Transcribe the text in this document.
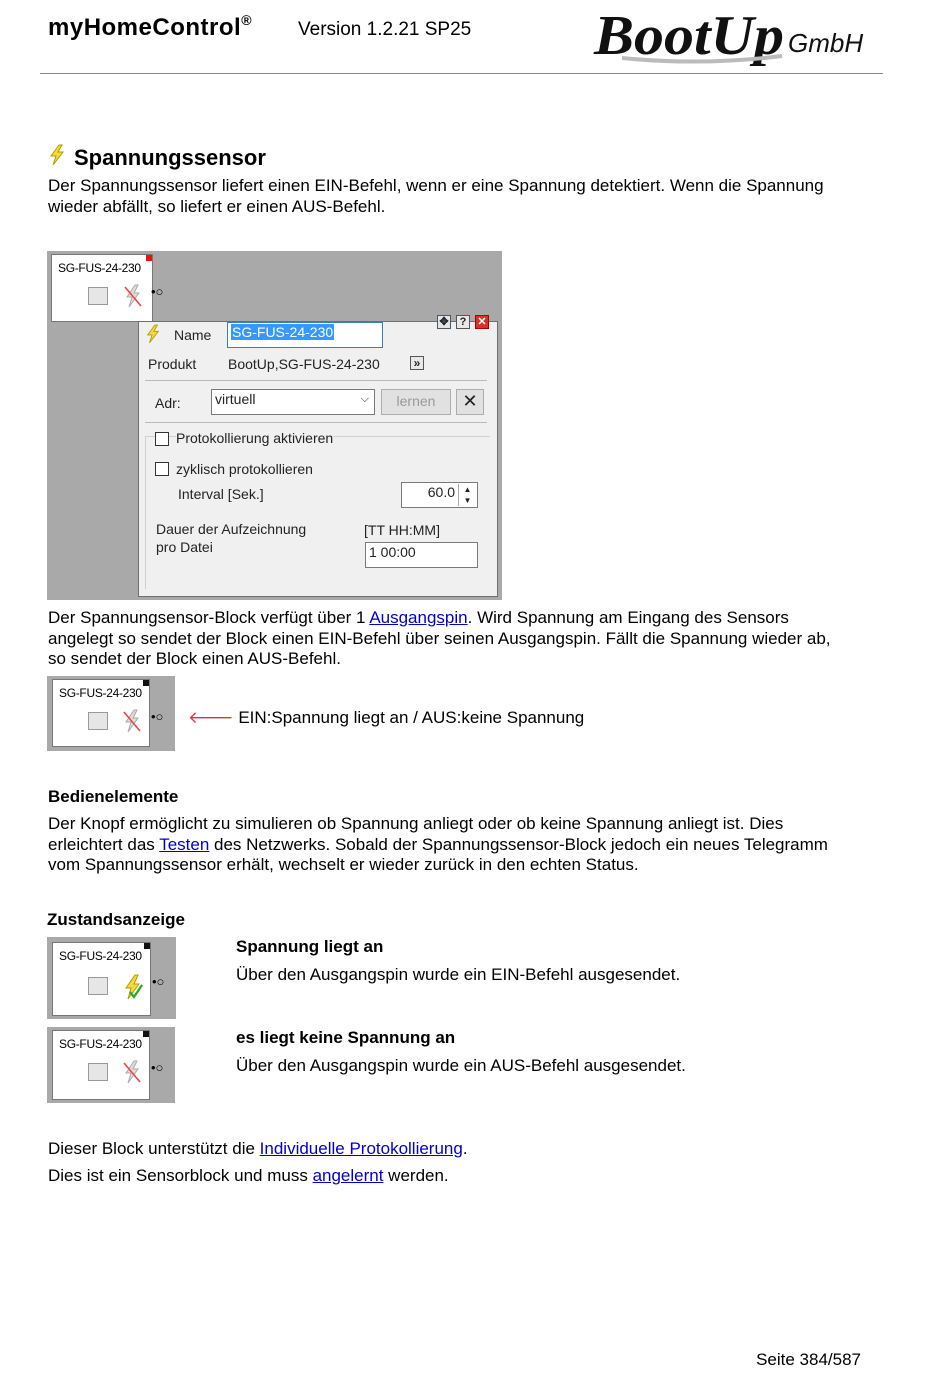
myHomeControl® Version 1.2.21 SP25 BootUp GmbH
Spannungssensor
Der Spannungssensor liefert einen EIN-Befehl, wenn er eine Spannung detektiert. Wenn die Spannung
wieder abfällt, so liefert er einen AUS-Befehl.
SG-FUS-24-230
•○
Name	SG-FUS-24-230
✥	?	✕
Produkt BootUp,SG-FUS-24-230	»
Adr: virtuell	⌵	lernen	✕
Protokollierung aktivieren
zyklisch protokollieren
Interval [Sek.]	60.0	▲
▼
Dauer der Aufzeichnung
pro Datei
[TT HH:MM]
1 00:00
Der Spannungsensor-Block verfügt über 1 Ausgangspin. Wird Spannung am Eingang des Sensors
angelegt so sendet der Block einen EIN-Befehl über seinen Ausgangspin. Fällt die Spannung wieder ab,
so sendet der Block einen AUS-Befehl.
SG-FUS-24-230
•○ 🡐 EIN:Spannung liegt an / AUS:keine Spannung
Bedienelemente
Der Knopf ermöglicht zu simulieren ob Spannung anliegt oder ob keine Spannung anliegt ist. Dies
erleichtert das Testen des Netzwerks. Sobald der Spannungssensor-Block jedoch ein neues Telegramm
vom Spannungssensor erhält, wechselt er wieder zurück in den echten Status.
Zustandsanzeige
SG-FUS-24-230
•○
Spannung liegt an
Über den Ausgangspin wurde ein EIN-Befehl ausgesendet.
SG-FUS-24-230
•○
es liegt keine Spannung an
Über den Ausgangspin wurde ein AUS-Befehl ausgesendet.
Dieser Block unterstützt die Individuelle Protokollierung.
Dies ist ein Sensorblock und muss angelernt werden.
Seite 384/587
